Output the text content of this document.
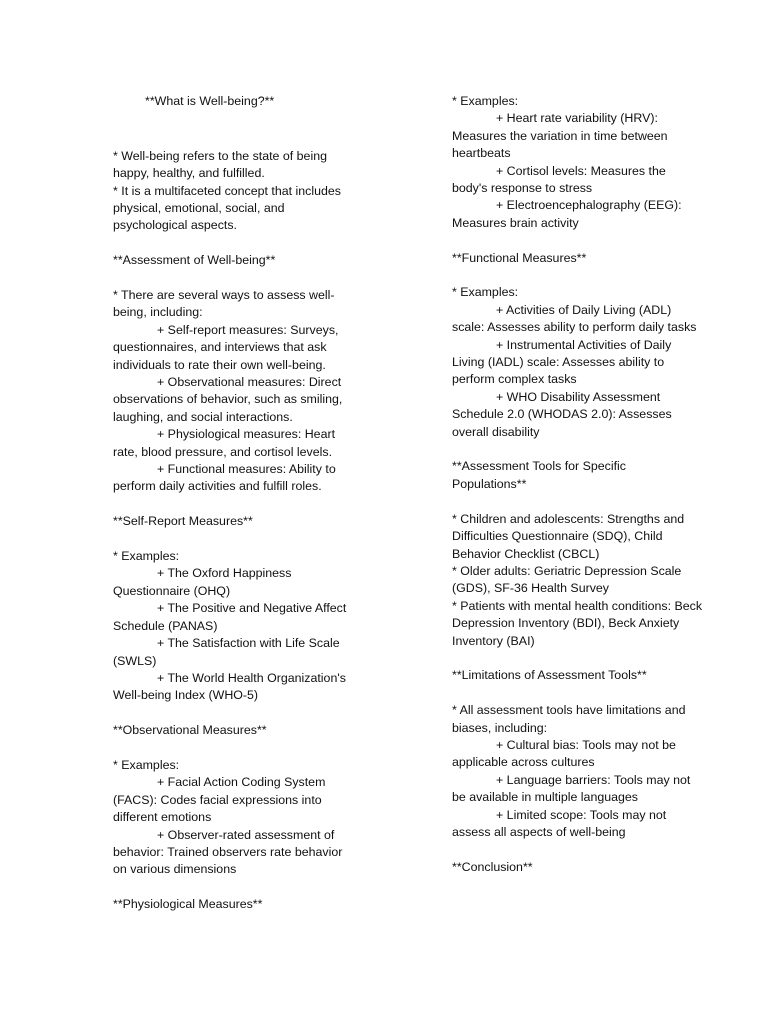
**What is Well-being?**

* Well-being refers to the state of being happy, healthy, and fulfilled.

* It is a multifaceted concept that includes physical, emotional, social, and psychological aspects.

**Assessment of Well-being**

* There are several ways to assess well-being, including:

+ Self-report measures: Surveys, questionnaires, and interviews that ask individuals to rate their own well-being.

+ Observational measures: Direct observations of behavior, such as smiling, laughing, and social interactions.

+ Physiological measures: Heart rate, blood pressure, and cortisol levels.

+ Functional measures: Ability to perform daily activities and fulfill roles.

**Self-Report Measures**

* Examples:

+ The Oxford Happiness Questionnaire (OHQ)

+ The Positive and Negative Affect Schedule (PANAS)

+ The Satisfaction with Life Scale (SWLS)

+ The World Health Organization's Well-being Index (WHO-5)

**Observational Measures**

* Examples:

+ Facial Action Coding System (FACS): Codes facial expressions into different emotions

+ Observer-rated assessment of behavior: Trained observers rate behavior on various dimensions

**Physiological Measures**

* Examples:

+ Heart rate variability (HRV): Measures the variation in time between heartbeats

+ Cortisol levels: Measures the body's response to stress

+ Electroencephalography (EEG): Measures brain activity

**Functional Measures**

* Examples:

+ Activities of Daily Living (ADL) scale: Assesses ability to perform daily tasks

+ Instrumental Activities of Daily Living (IADL) scale: Assesses ability to perform complex tasks

+ WHO Disability Assessment Schedule 2.0 (WHODAS 2.0): Assesses overall disability

**Assessment Tools for Specific Populations**

* Children and adolescents: Strengths and Difficulties Questionnaire (SDQ), Child Behavior Checklist (CBCL)

* Older adults: Geriatric Depression Scale (GDS), SF-36 Health Survey

* Patients with mental health conditions: Beck Depression Inventory (BDI), Beck Anxiety Inventory (BAI)

**Limitations of Assessment Tools**

* All assessment tools have limitations and biases, including:

+ Cultural bias: Tools may not be applicable across cultures

+ Language barriers: Tools may not be available in multiple languages

+ Limited scope: Tools may not assess all aspects of well-being

**Conclusion**
